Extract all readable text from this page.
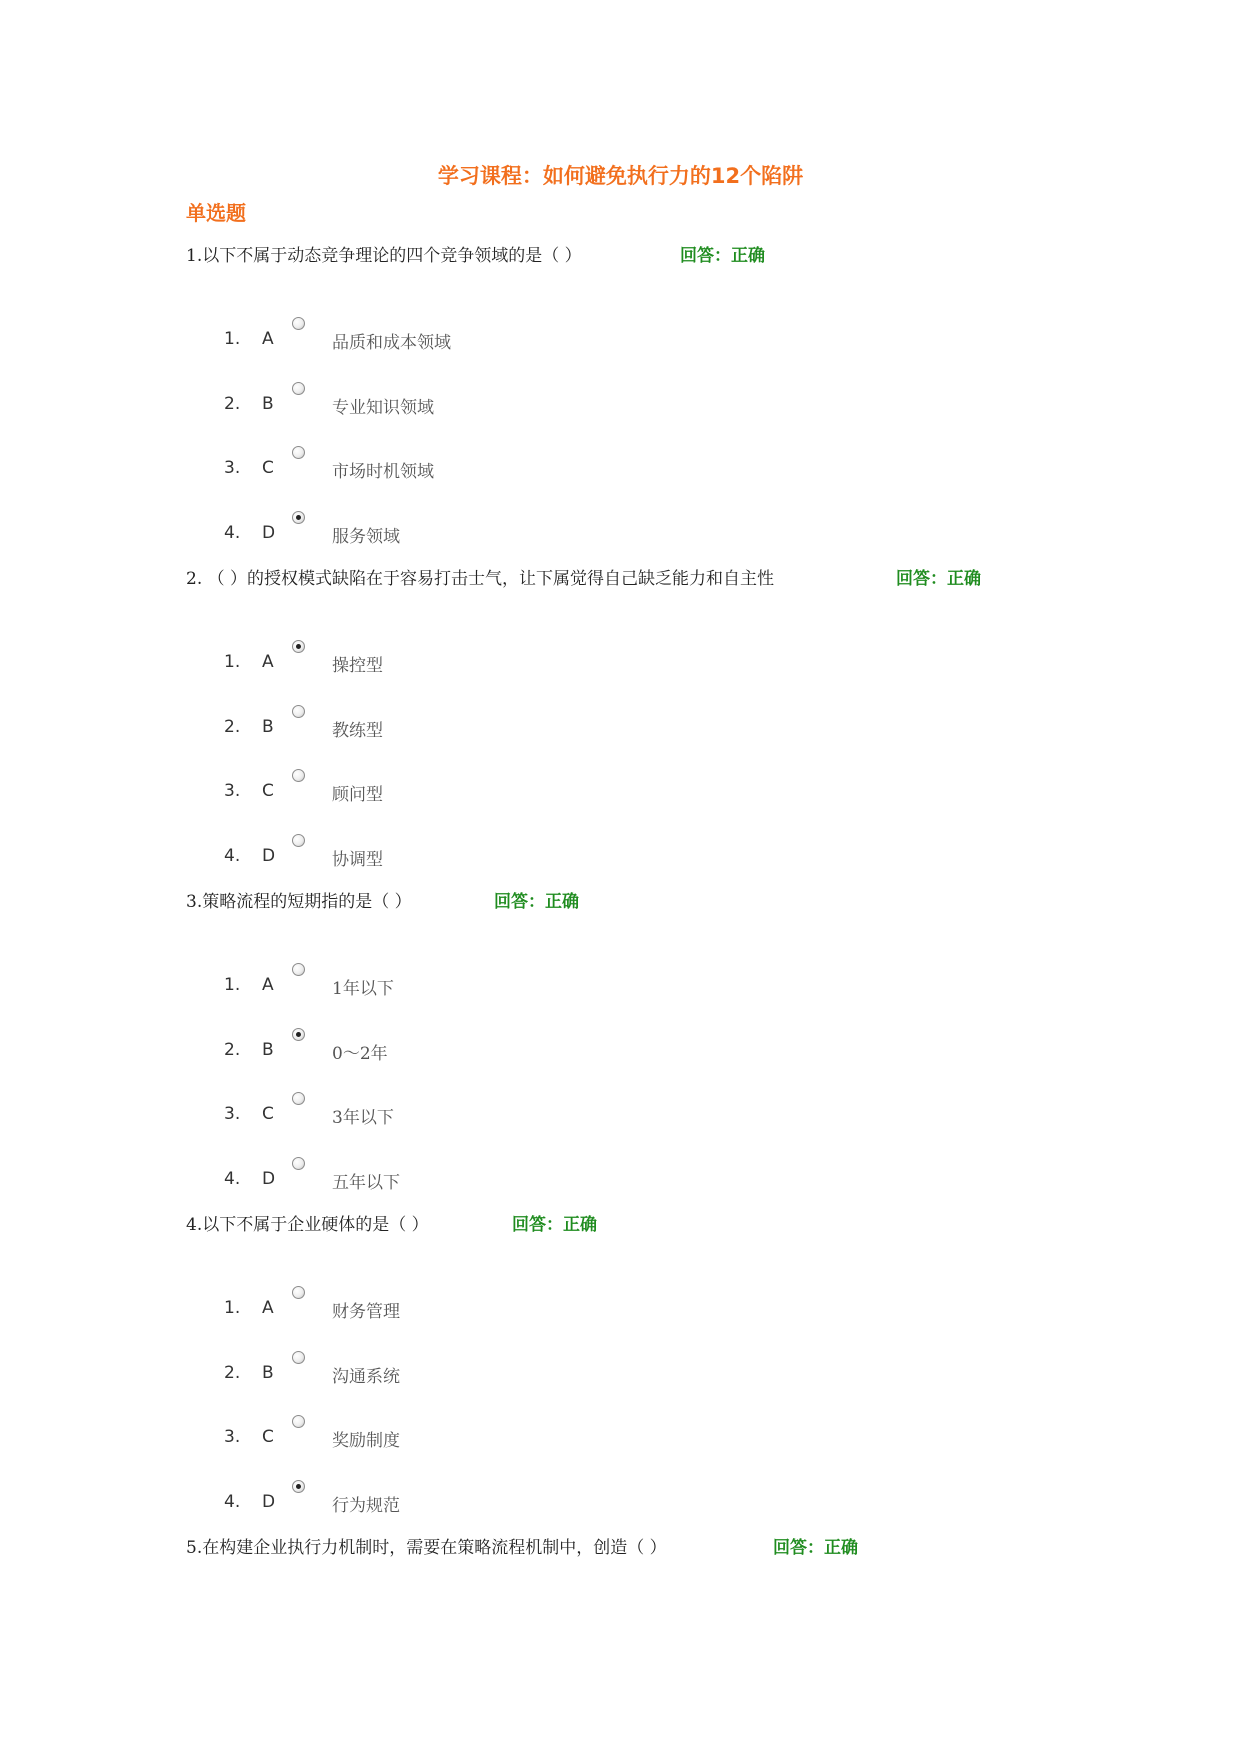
学习课程：如何避免执行力的12个陷阱
单选题
1.以下不属于动态竞争理论的四个竞争领域的是（ ）	回答：正确
1. A	品质和成本领域
2. B	专业知识领域
3. C	市场时机领域
4. D	服务领域
2. （ ）的授权模式缺陷在于容易打击士气，让下属觉得自己缺乏能力和自主性	回答：正确
1. A	操控型
2. B	教练型
3. C	顾问型
4. D	协调型
3.策略流程的短期指的是（ ）	回答：正确
1. A	1年以下
2. B	0～2年
3. C	3年以下
4. D	五年以下
4.以下不属于企业硬体的是（ ）	回答：正确
1. A	财务管理
2. B	沟通系统
3. C	奖励制度
4. D	行为规范
5.在构建企业执行力机制时，需要在策略流程机制中，创造（ ）	回答：正确
